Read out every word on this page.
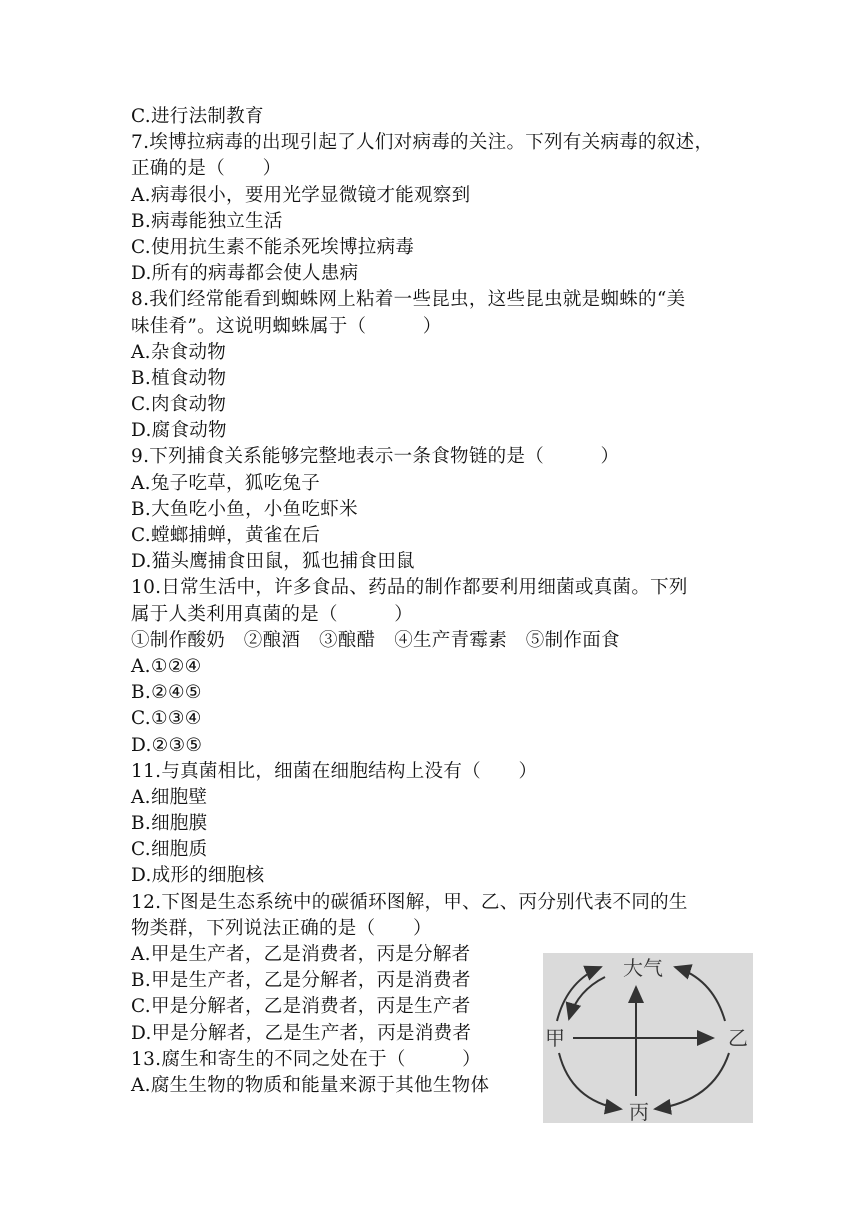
C.进行法制教育
7.埃博拉病毒的出现引起了人们对病毒的关注。下列有关病毒的叙述，
正确的是（　　）
A.病毒很小，要用光学显微镜才能观察到
B.病毒能独立生活
C.使用抗生素不能杀死埃博拉病毒
D.所有的病毒都会使人患病
8.我们经常能看到蜘蛛网上粘着一些昆虫，这些昆虫就是蜘蛛的“美
味佳肴”。这说明蜘蛛属于（　　　）
A.杂食动物
B.植食动物
C.肉食动物
D.腐食动物
9.下列捕食关系能够完整地表示一条食物链的是（　　　）
A.兔子吃草，狐吃兔子
B.大鱼吃小鱼，小鱼吃虾米
C.螳螂捕蝉，黄雀在后
D.猫头鹰捕食田鼠，狐也捕食田鼠
10.日常生活中，许多食品、药品的制作都要利用细菌或真菌。下列
属于人类利用真菌的是（　　　）
①制作酸奶　②酿酒　③酿醋　④生产青霉素　⑤制作面食
A.①②④
B.②④⑤
C.①③④
D.②③⑤
11.与真菌相比，细菌在细胞结构上没有（　　）
A.细胞壁
B.细胞膜
C.细胞质
D.成形的细胞核
12.下图是生态系统中的碳循环图解，甲、乙、丙分别代表不同的生
物类群，下列说法正确的是（　　）
A.甲是生产者，乙是消费者，丙是分解者
B.甲是生产者，乙是分解者，丙是消费者
C.甲是分解者，乙是消费者，丙是生产者
D.甲是分解者，乙是生产者，丙是消费者
13.腐生和寄生的不同之处在于（　　　）
A.腐生生物的物质和能量来源于其他生物体
大气
甲	乙
丙
